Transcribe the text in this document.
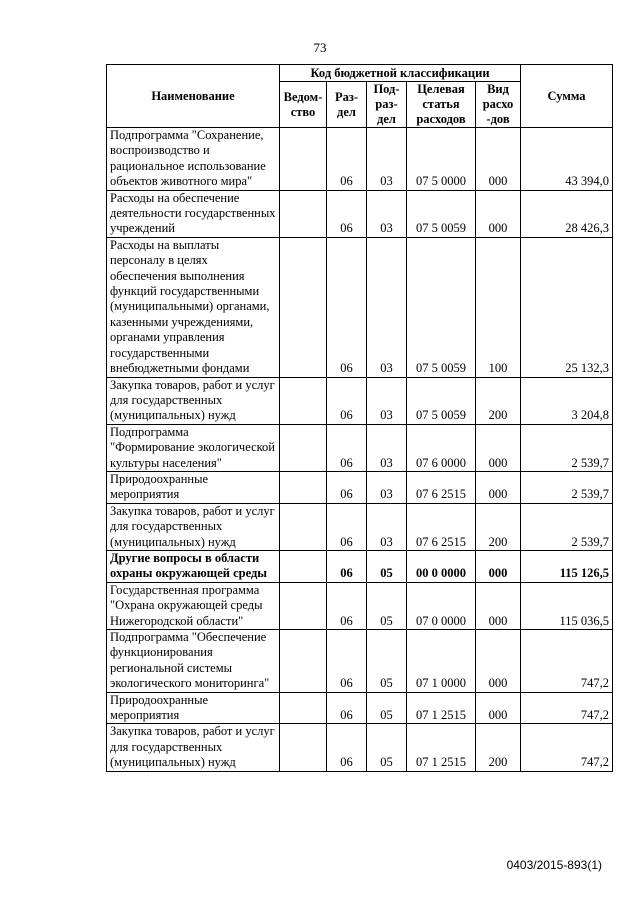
73
Наименование	Код бюджетной классификации					Сумма
	Ведом-ство	Раз-дел	Под-раз-дел	Целевая статья расходов	Вид расхо -дов	
Подпрограмма "Сохранение, воспроизводство и рациональное использование объектов животного мира"		06	03	07 5 0000	000	43 394,0
Расходы на обеспечение деятельности государственных учреждений		06	03	07 5 0059	000	28 426,3
Расходы на выплаты персоналу в целях обеспечения выполнения функций государственными (муниципальными) органами, казенными учреждениями, органами управления государственными внебюджетными фондами		06	03	07 5 0059	100	25 132,3
Закупка товаров, работ и услуг для государственных (муниципальных) нужд		06	03	07 5 0059	200	3 204,8
Подпрограмма "Формирование экологической культуры населения"		06	03	07 6 0000	000	2 539,7
Природоохранные мероприятия		06	03	07 6 2515	000	2 539,7
Закупка товаров, работ и услуг для государственных (муниципальных) нужд		06	03	07 6 2515	200	2 539,7
Другие вопросы в области охраны окружающей среды		06	05	00 0 0000	000	115 126,5
Государственная программа "Охрана окружающей среды Нижегородской области"		06	05	07 0 0000	000	115 036,5
Подпрограмма "Обеспечение функционирования региональной системы экологического мониторинга"		06	05	07 1 0000	000	747,2
Природоохранные мероприятия		06	05	07 1 2515	000	747,2
Закупка товаров, работ и услуг для государственных (муниципальных) нужд		06	05	07 1 2515	200	747,2
0403/2015-893(1)
